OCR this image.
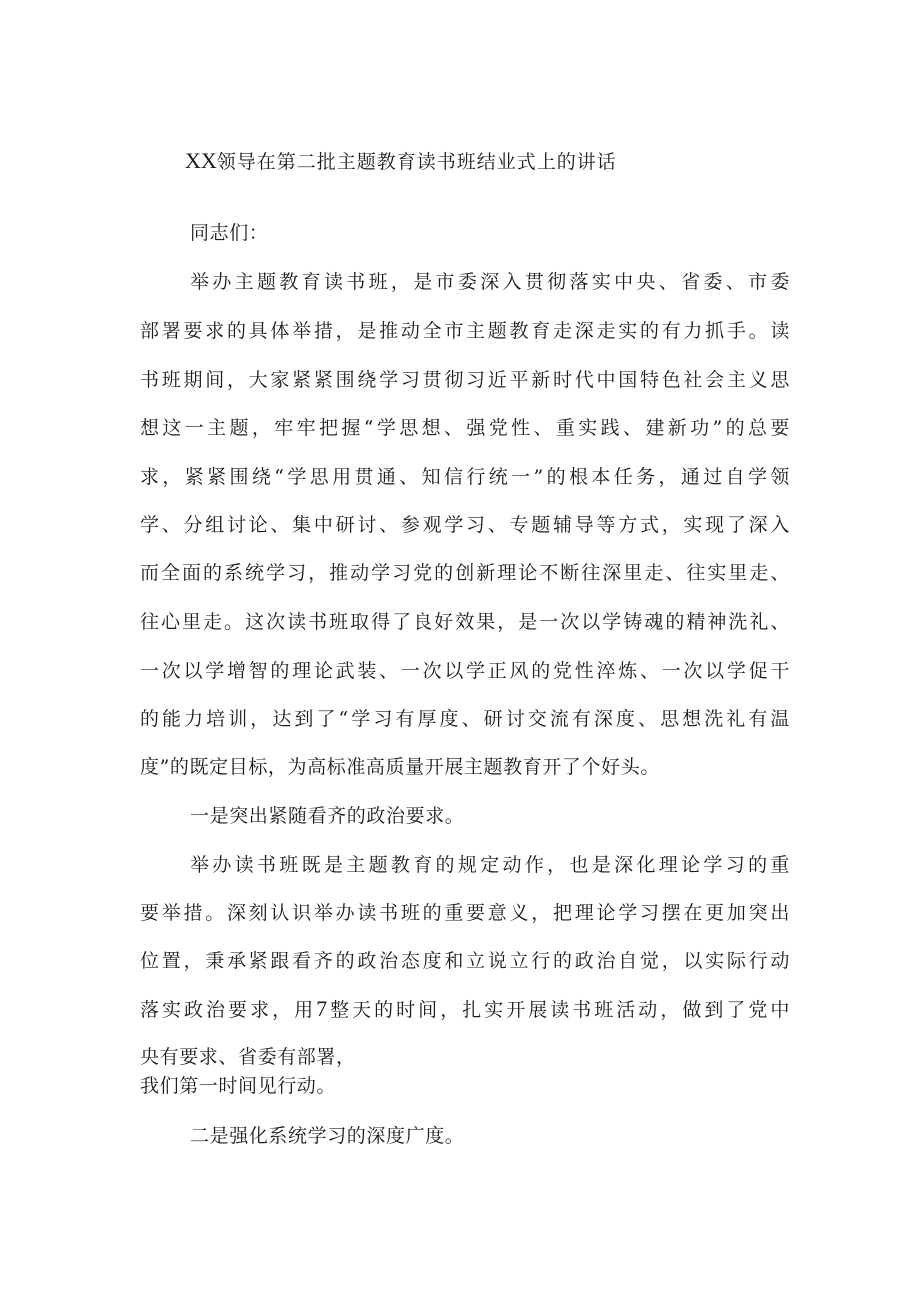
XX领导在第二批主题教育读书班结业式上的讲话
同志们：
举办主题教育读书班，是市委深入贯彻落实中央、省委、市委
部署要求的具体举措，是推动全市主题教育走深走实的有力抓手。读
书班期间，大家紧紧围绕学习贯彻习近平新时代中国特色社会主义思
想这一主题，牢牢把握“学思想、强党性、重实践、建新功”的总要
求，紧紧围绕“学思用贯通、知信行统一”的根本任务，通过自学领
学、分组讨论、集中研讨、参观学习、专题辅导等方式，实现了深入
而全面的系统学习，推动学习党的创新理论不断往深里走、往实里走、
往心里走。这次读书班取得了良好效果，是一次以学铸魂的精神洗礼、
一次以学增智的理论武装、一次以学正风的党性淬炼、一次以学促干
的能力培训，达到了“学习有厚度、研讨交流有深度、思想洗礼有温
度”的既定目标，为高标准高质量开展主题教育开了个好头。
一是突出紧随看齐的政治要求。
举办读书班既是主题教育的规定动作，也是深化理论学习的重
要举措。深刻认识举办读书班的重要意义，把理论学习摆在更加突出
位置，秉承紧跟看齐的政治态度和立说立行的政治自觉，以实际行动
落实政治要求，用7整天的时间，扎实开展读书班活动，做到了党中
央有要求、省委有部署，
我们第一时间见行动。
二是强化系统学习的深度广度。
